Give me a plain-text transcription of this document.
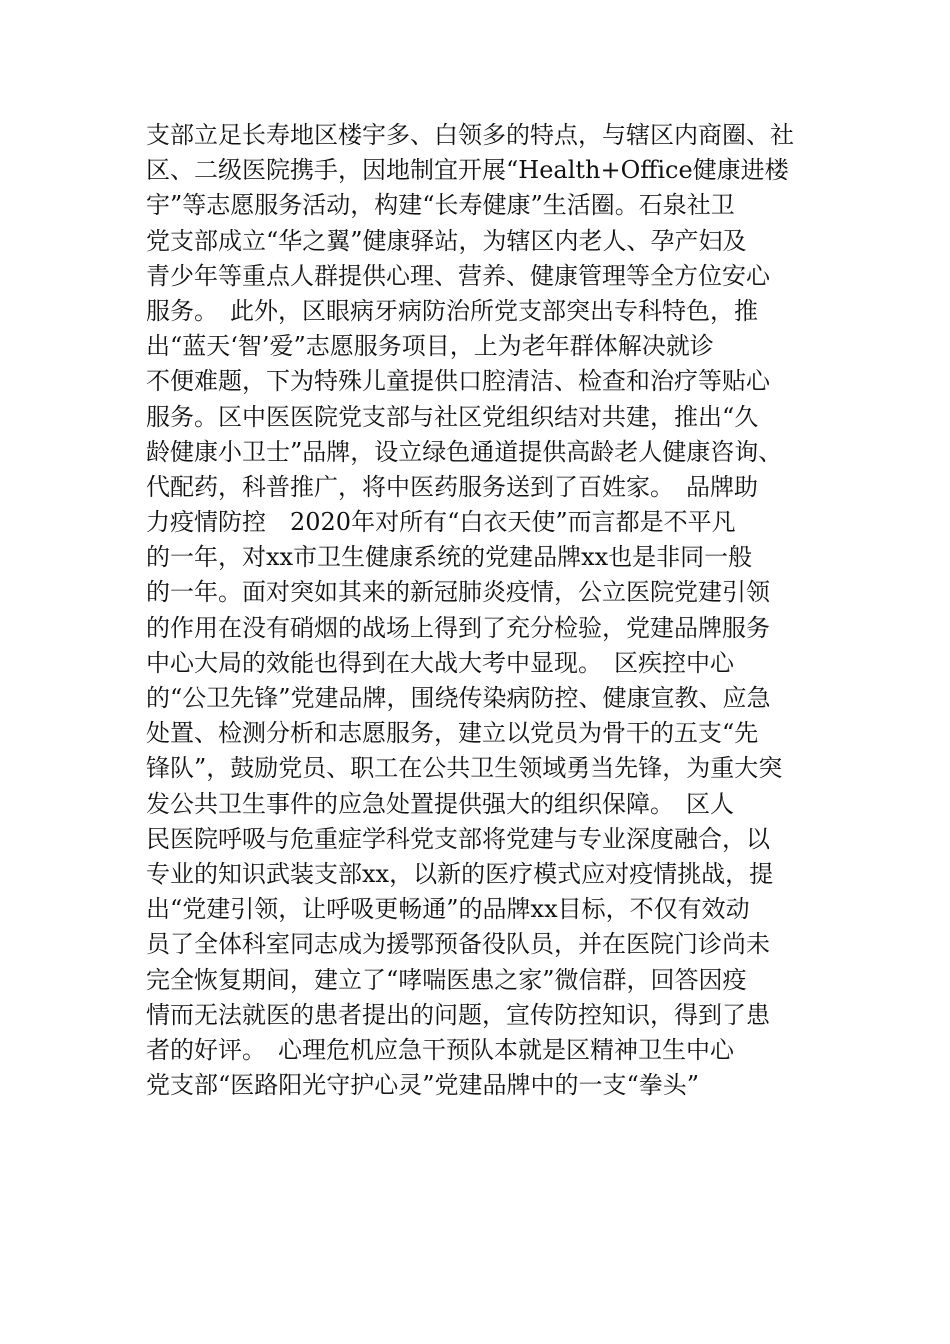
支部立足长寿地区楼宇多、白领多的特点，与辖区内商圈、社
区、二级医院携手，因地制宜开展“Health+Office健康进楼
宇”等志愿服务活动，构建“长寿健康”生活圈。石泉社卫
党支部成立“华之翼”健康驿站，为辖区内老人、孕产妇及
青少年等重点人群提供心理、营养、健康管理等全方位安心
服务。　此外，区眼病牙病防治所党支部突出专科特色，推
出“蓝天‘智’爱”志愿服务项目，上为老年群体解决就诊
不便难题，下为特殊儿童提供口腔清洁、检查和治疗等贴心
服务。区中医医院党支部与社区党组织结对共建，推出“久
龄健康小卫士”品牌，设立绿色通道提供高龄老人健康咨询、
代配药，科普推广，将中医药服务送到了百姓家。　品牌助
力疫情防控　2020年对所有“白衣天使”而言都是不平凡
的一年，对xx市卫生健康系统的党建品牌xx也是非同一般
的一年。面对突如其来的新冠肺炎疫情，公立医院党建引领
的作用在没有硝烟的战场上得到了充分检验，党建品牌服务
中心大局的效能也得到在大战大考中显现。　区疾控中心
的“公卫先锋”党建品牌，围绕传染病防控、健康宣教、应急
处置、检测分析和志愿服务，建立以党员为骨干的五支“先
锋队”，鼓励党员、职工在公共卫生领域勇当先锋，为重大突
发公共卫生事件的应急处置提供强大的组织保障。　区人
民医院呼吸与危重症学科党支部将党建与专业深度融合，以
专业的知识武装支部xx，以新的医疗模式应对疫情挑战，提
出“党建引领，让呼吸更畅通”的品牌xx目标，不仅有效动
员了全体科室同志成为援鄂预备役队员，并在医院门诊尚未
完全恢复期间，建立了“哮喘医患之家”微信群，回答因疫
情而无法就医的患者提出的问题，宣传防控知识，得到了患
者的好评。　心理危机应急干预队本就是区精神卫生中心
党支部“医路阳光守护心灵”党建品牌中的一支“拳头”
